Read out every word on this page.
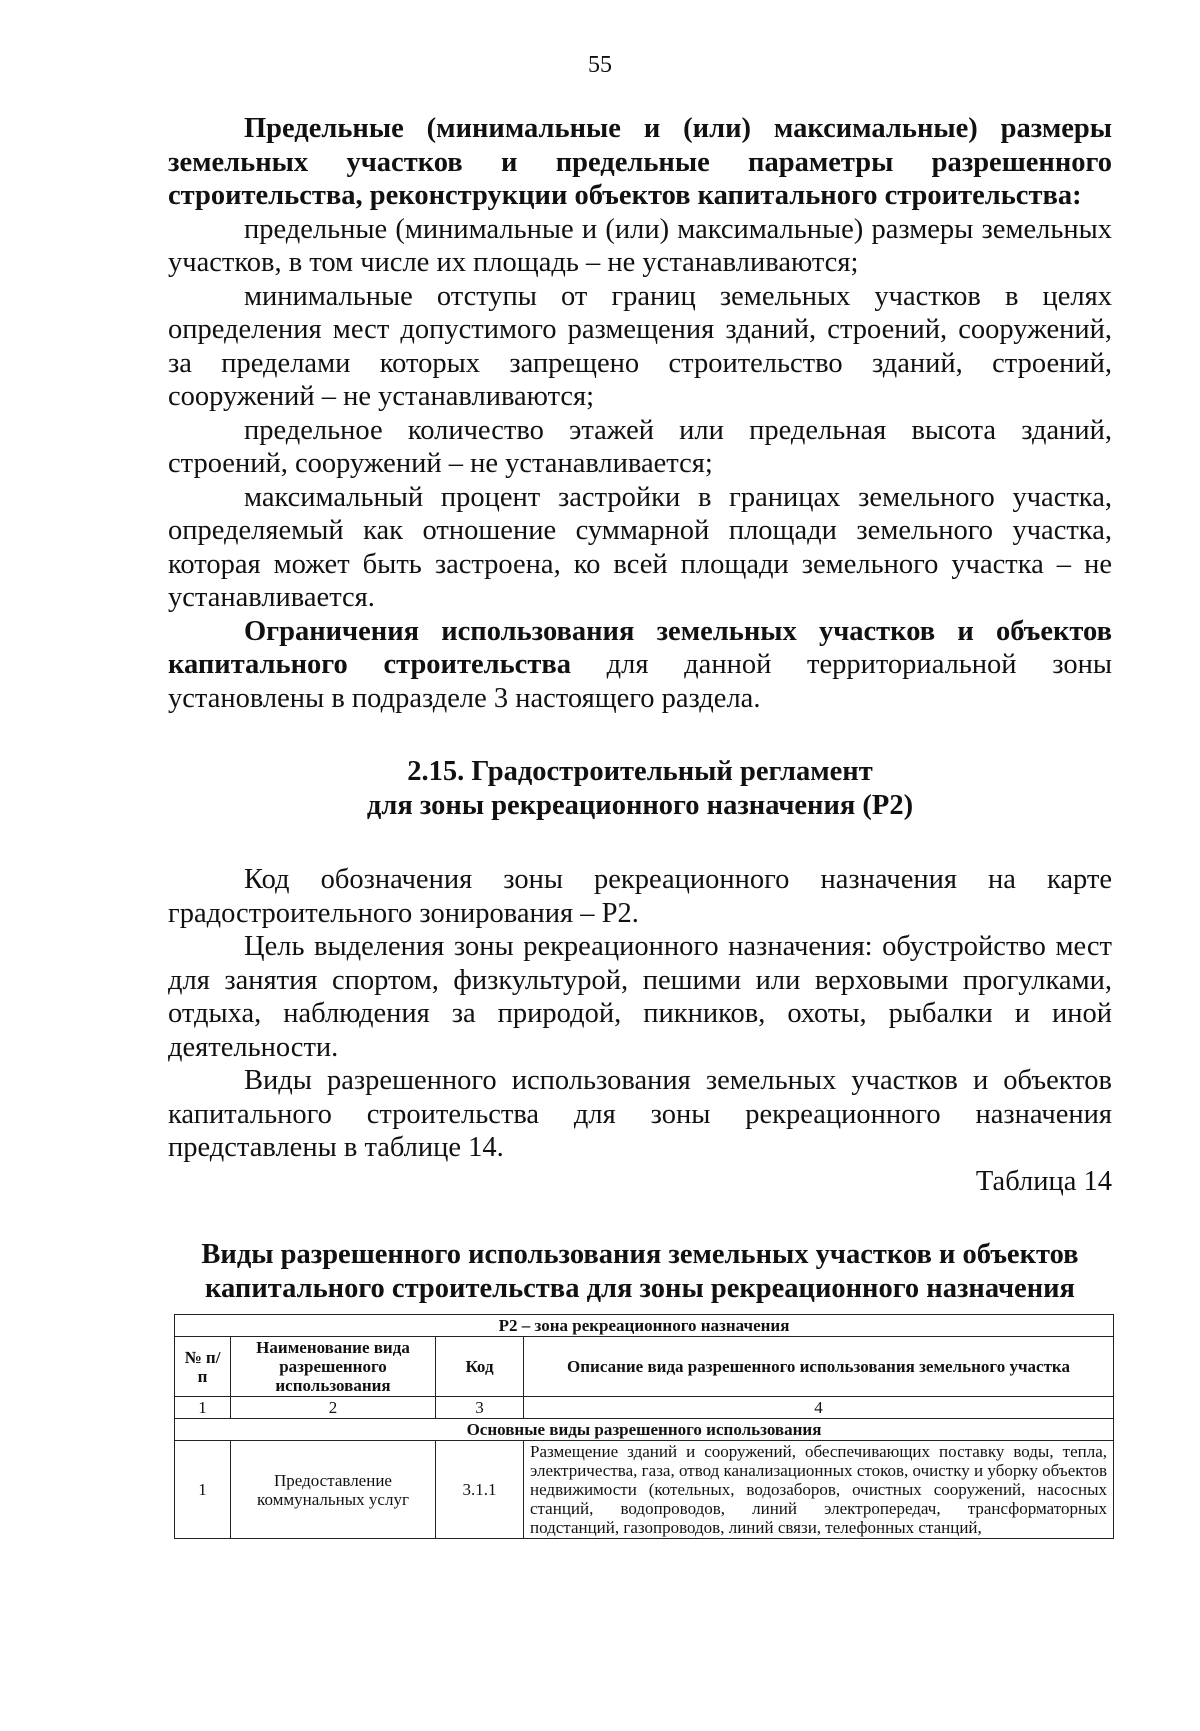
55

Предельные (минимальные и (или) максимальные) размеры земельных участков и предельные параметры разрешенного строительства, реконструкции объектов капитального строительства:

предельные (минимальные и (или) максимальные) размеры земельных участков, в том числе их площадь – не устанавливаются;

минимальные отступы от границ земельных участков в целях определения мест допустимого размещения зданий, строений, сооружений, за пределами которых запрещено строительство зданий, строений, сооружений – не устанавливаются;

предельное количество этажей или предельная высота зданий, строений, сооружений – не устанавливается;

максимальный процент застройки в границах земельного участка, определяемый как отношение суммарной площади земельного участка, которая может быть застроена, ко всей площади земельного участка – не устанавливается.

Ограничения использования земельных участков и объектов капитального строительства для данной территориальной зоны установлены в подразделе 3 настоящего раздела.

2.15. Градостроительный регламент
для зоны рекреационного назначения (Р2)

Код обозначения зоны рекреационного назначения на карте градостроительного зонирования – Р2.

Цель выделения зоны рекреационного назначения: обустройство мест для занятия спортом, физкультурой, пешими или верховыми прогулками, отдыха, наблюдения за природой, пикников, охоты, рыбалки и иной деятельности.

Виды разрешенного использования земельных участков и объектов капитального строительства для зоны рекреационного назначения представлены в таблице 14.

Таблица 14

Виды разрешенного использования земельных участков и объектов
капитального строительства для зоны рекреационного назначения
Р2 – зона рекреационного назначения			
№ п/п	Наименование вида разрешенного использования	Код	Описание вида разрешенного использования земельного участка
1	2	3	4
Основные виды разрешенного использования			
1	Предоставление коммунальных услуг	3.1.1	Размещение зданий и сооружений, обеспечивающих поставку воды, тепла, электричества, газа, отвод канализационных стоков, очистку и уборку объектов недвижимости (котельных, водозаборов, очистных сооружений, насосных станций, водопроводов, линий электропередач, трансформаторных подстанций, газопроводов, линий связи, телефонных станций,
